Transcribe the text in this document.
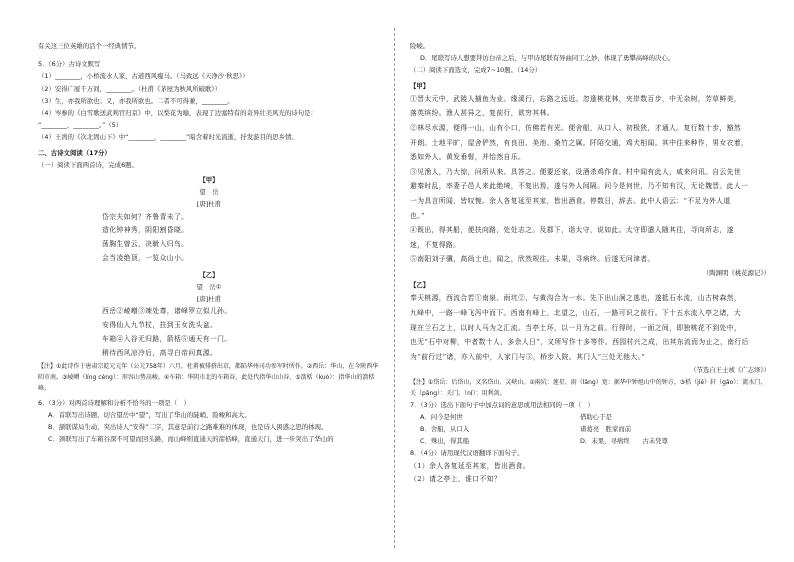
有关这三位英雄的活个一经典情节。
5．（6分）古诗文默写
（1）________，小桥流水人家，古道西风瘦马。（马致远《天净沙·秋思》）
（2）安得广厦千万间，________。（杜甫《茅屋为秋风所破歌》）
（3）生，亦我所欲也；义，亦我所欲也。二者不可得兼，________。
（4）岑参的《白雪歌送武判官归京》中，以梨花为喻，表现了边塞特有的奇异壮美风光的诗句是：
“________，________。”（5）
（4）王湾的《次北固山下》中“________，________”暗含着时光流逝，抒发游目的思乡情。
二、古诗文阅读（17分）
（一）阅读下面两首诗，完成6题。
【甲】
望　岳
[唐]杜甫
岱宗夫如何？齐鲁青未了。
造化钟神秀，阴阳割昏晓。
荡胸生曾云，决眦入归鸟。
会当凌绝顶，一览众山小。
【乙】
望　岳①
[唐]杜甫
西岳②崚嶒③竦处尊，诸峰罗立似儿孙。
安得仙人九节杖，拄到玉女洗头盆。
车箱④入谷无归路，箭栝⑤通天有一门。
稍待西风凉冷后，高寻白帝问真源。
【注】①此诗作于唐肃宗乾元元年（公元758年）六月，杜甫被排挤出京，都陷华州司功参军时所作。②西岳：华山，在今陕西华阴市南。③崚嶒（líng céng）：形容山势高峻。④车箱：华阴市北的车箱谷，此处代指华山山谷。⑤箭栝（kuò）：指华山的箭栝峰。
6．（3分）对两首诗理解和分析不恰当的一项是（　）
A．首联写出诗题，切合望岳中“望”，写出了华山的陡峭、险峻和高大。
B．颔联谋局生动，突出诗人“安得”二字，其意是前行之路难难的体现，也是诗人困惑之思的体现。
C．颈联写出了车箱谷深不可望而回头路，而山峰则直通天的箭栝峰，直通天门，进一步突出了华山的
险峻。
D．尾联写诗人想要拜访白帝之后，与甲诗尾联有异曲同工之妙，体现了勇攀高峰的决心。
（二）阅读下面选文，完成7~10题。（14分）
【甲】
①晋太元中，武陵人捕鱼为业。缘溪行，忘路之远近。忽逢桃花林，夹岸数百步，中无杂树，芳草鲜美，
落英缤纷。渔人甚异之，复前行，欲穷其林。
②林尽水源，便得一山，山有小口，仿佛若有光。便舍船，从口入。初极狭，才通人。复行数十步，豁然
开朗。土地平旷，屋舍俨然，有良田、美池、桑竹之属。阡陌交通，鸡犬相闻。其中往来种作，男女衣着，
悉如外人。黄发垂髫，并怡然自乐。
③见渔人，乃大惊，问所从来。具答之。便要还家，设酒杀鸡作食。村中闻有此人，咸来问讯。自云先世
避秦时乱，率妻子邑人来此绝境，不复出焉，遂与外人间隔。问今是何世，乃不知有汉，无论魏晋。此人一
一为具言所闻，皆叹惋。余人各复延至其家，皆出酒食。停数日，辞去。此中人语云：“不足为外人道
也。”
④既出，得其船，便扶向路，处处志之。及郡下，诣太守，说如此。太守即遣人随其往，寻向所志，遂
迷，不复得路。
⑤南阳刘子骥，高尚士也，闻之，欣然规往。未果，寻病终。后遂无问津者。
（陶渊明《桃花源记》）
【乙】
奉天桃源，西流合若①南泉、雨坑②，与黄沟合为一水。先下出山涧之逃也，遂抵石水流，山古树森然，
九峰中，一路一峰飞泻中而下。西南有峰上，北望之，山石，一路可识之前行。下十五水流入亭之诸，大
现在兰石之上，以时人马为之汇流。当亭土坏，以一月为之前。行得时，一面之间，即独桃花不到处中，
也无“石中对柳，中者数十人，多余人日”，又所写作十多等作。西园村兴之成，出其东流而为止之，南行后
为“前行过”诸，亦入前中，人家门与③，桥步入院。其门人“三处无他大。”
（节选自王士祯《广志绎》）
【注】①岱岳：后岱山，又名岱山、灵峡山。②兩坑：莲星、雨（lǎng）宽：据华中钟旭山中的钟方。③栝（jié）轩（gǎo）：流水门，关（pǎng）：关门。（nǐ）：用利剑。
7．（3分）选出下面句子中加点词的意思或用法相同的一项（　）
A．问今是何世	借助心于是
B．舍船，从口入	诸葛亮　胜家而前
C．殊出，得其船	D．未果，寻病终　　古未凭尊
8．（4分）请用现代汉语翻译下面句子。
（1）余人各复延至其家，皆出酒食。
（2）请之亭上，谁口不知？
